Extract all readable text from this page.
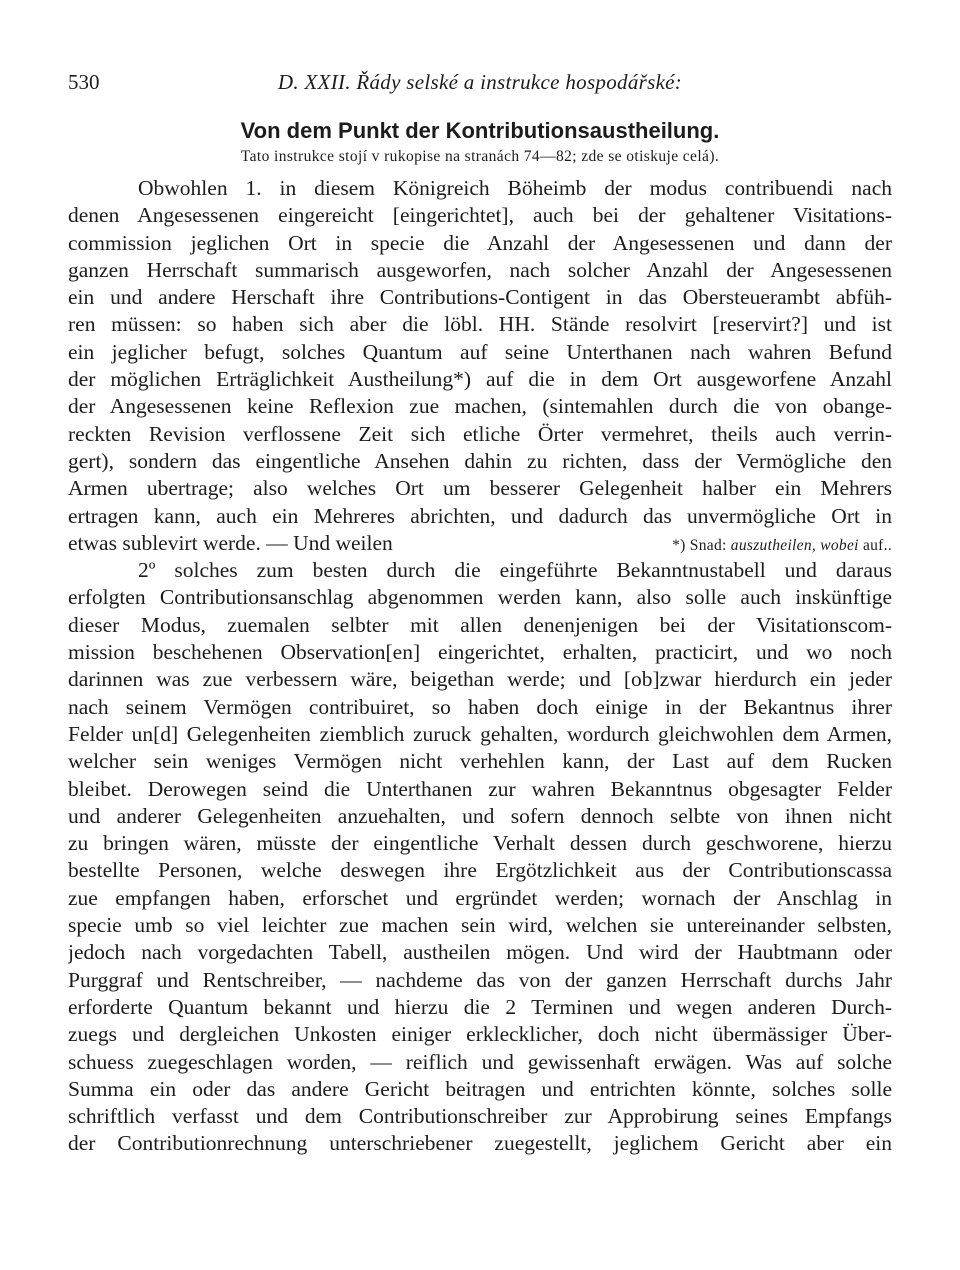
530	D. XXII. Řády selské a instrukce hospodářské:
Von dem Punkt der Kontributionsaustheilung.
Tato instrukce stojí v rukopise na stranách 74—82; zde se otiskuje celá).
Obwohlen 1. in diesem Königreich Böheimb der modus contribuendi nach
denen Angesessenen eingereicht [eingerichtet], auch bei der gehaltener Visitations-
commission jeglichen Ort in specie die Anzahl der Angesessenen und dann der
ganzen Herrschaft summarisch ausgeworfen, nach solcher Anzahl der Angesessenen
ein und andere Herschaft ihre Contributions-Contigent in das Obersteuerambt abfüh-
ren müssen: so haben sich aber die löbl. HH. Stände resolvirt [reservirt?] und ist
ein jeglicher befugt, solches Quantum auf seine Unterthanen nach wahren Befund
der möglichen Erträglichkeit Austheilung*) auf die in dem Ort ausgeworfene Anzahl
der Angesessenen keine Reflexion zue machen, (sintemahlen durch die von obange-
reckten Revision verflossene Zeit sich etliche Örter vermehret, theils auch verrin-
gert), sondern das eingentliche Ansehen dahin zu richten, dass der Vermögliche den
Armen ubertrage; also welches Ort um besserer Gelegenheit halber ein Mehrers
ertragen kann, auch ein Mehreres abrichten, und dadurch das unvermögliche Ort in
etwas sublevirt werde. — Und weilen	*) Snad: auszutheilen, wobei auf..
2º solches zum besten durch die eingeführte Bekanntnustabell und daraus
erfolgten Contributionsanschlag abgenommen werden kann, also solle auch inskünftige
dieser Modus, zuemalen selbter mit allen denenjenigen bei der Visitationscom-
mission beschehenen Observation[en] eingerichtet, erhalten, practicirt, und wo noch
darinnen was zue verbessern wäre, beigethan werde; und [ob]zwar hierdurch ein jeder
nach seinem Vermögen contribuiret, so haben doch einige in der Bekantnus ihrer
Felder un[d] Gelegenheiten ziemblich zuruck gehalten, wordurch gleichwohlen dem Armen,
welcher sein weniges Vermögen nicht verhehlen kann, der Last auf dem Rucken
bleibet. Derowegen seind die Unterthanen zur wahren Bekanntnus obgesagter Felder
und anderer Gelegenheiten anzuehalten, und sofern dennoch selbte von ihnen nicht
zu bringen wären, müsste der eingentliche Verhalt dessen durch geschworene, hierzu
bestellte Personen, welche deswegen ihre Ergötzlichkeit aus der Contributionscassa
zue empfangen haben, erforschet und ergründet werden; wornach der Anschlag in
specie umb so viel leichter zue machen sein wird, welchen sie untereinander selbsten,
jedoch nach vorgedachten Tabell, austheilen mögen. Und wird der Haubtmann oder
Purggraf und Rentschreiber, — nachdeme das von der ganzen Herrschaft durchs Jahr
erforderte Quantum bekannt und hierzu die 2 Terminen und wegen anderen Durch-
zuegs und dergleichen Unkosten einiger erklecklicher, doch nicht übermässiger Über-
schuess zuegeschlagen worden, — reiflich und gewissenhaft erwägen. Was auf solche
Summa ein oder das andere Gericht beitragen und entrichten könnte, solches solle
schriftlich verfasst und dem Contributionschreiber zur Approbirung seines Empfangs
der Contributionrechnung unterschriebener zuegestellt, jeglichem Gericht aber ein
